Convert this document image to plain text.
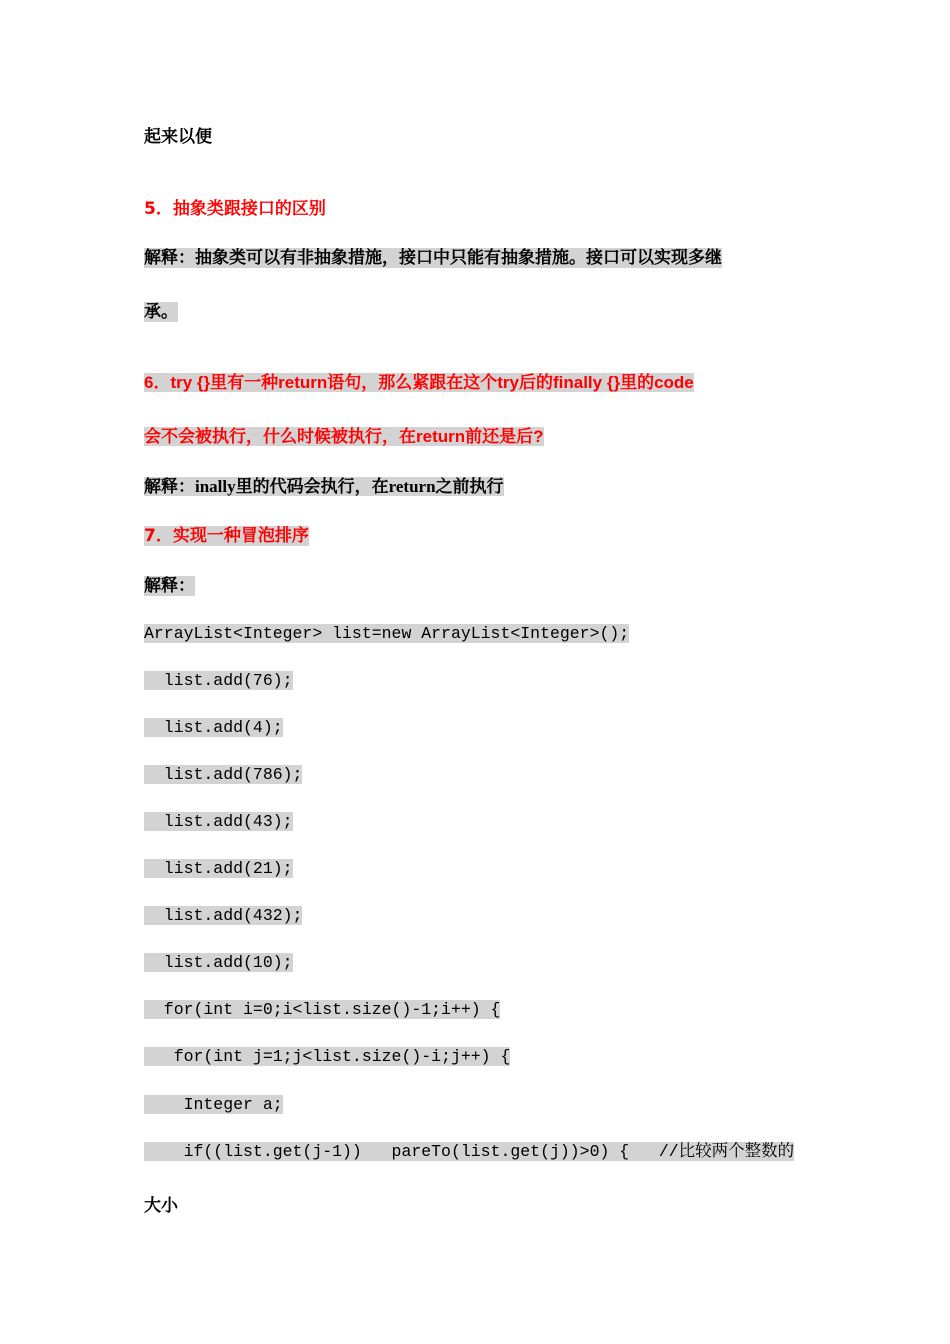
起来以便
5．抽象类跟接口的区别
解释：抽象类可以有非抽象措施，接口中只能有抽象措施。接口可以实现多继
承。
6．try {}里有一种return语句，那么紧跟在这个try后的finally {}里的code
会不会被执行，什么时候被执行，在return前还是后?
解释：inally里的代码会执行，在return之前执行
7．实现一种冒泡排序
解释：
ArrayList<Integer> list=new ArrayList<Integer>();
list.add(76);
list.add(4);
list.add(786);
list.add(43);
list.add(21);
list.add(432);
list.add(10);
for(int i=0;i<list.size()-1;i++) {
for(int j=1;j<list.size()-i;j++) {
Integer a;
if((list.get(j-1))   pareTo(list.get(j))>0) {   //比较两个整数的
大小
